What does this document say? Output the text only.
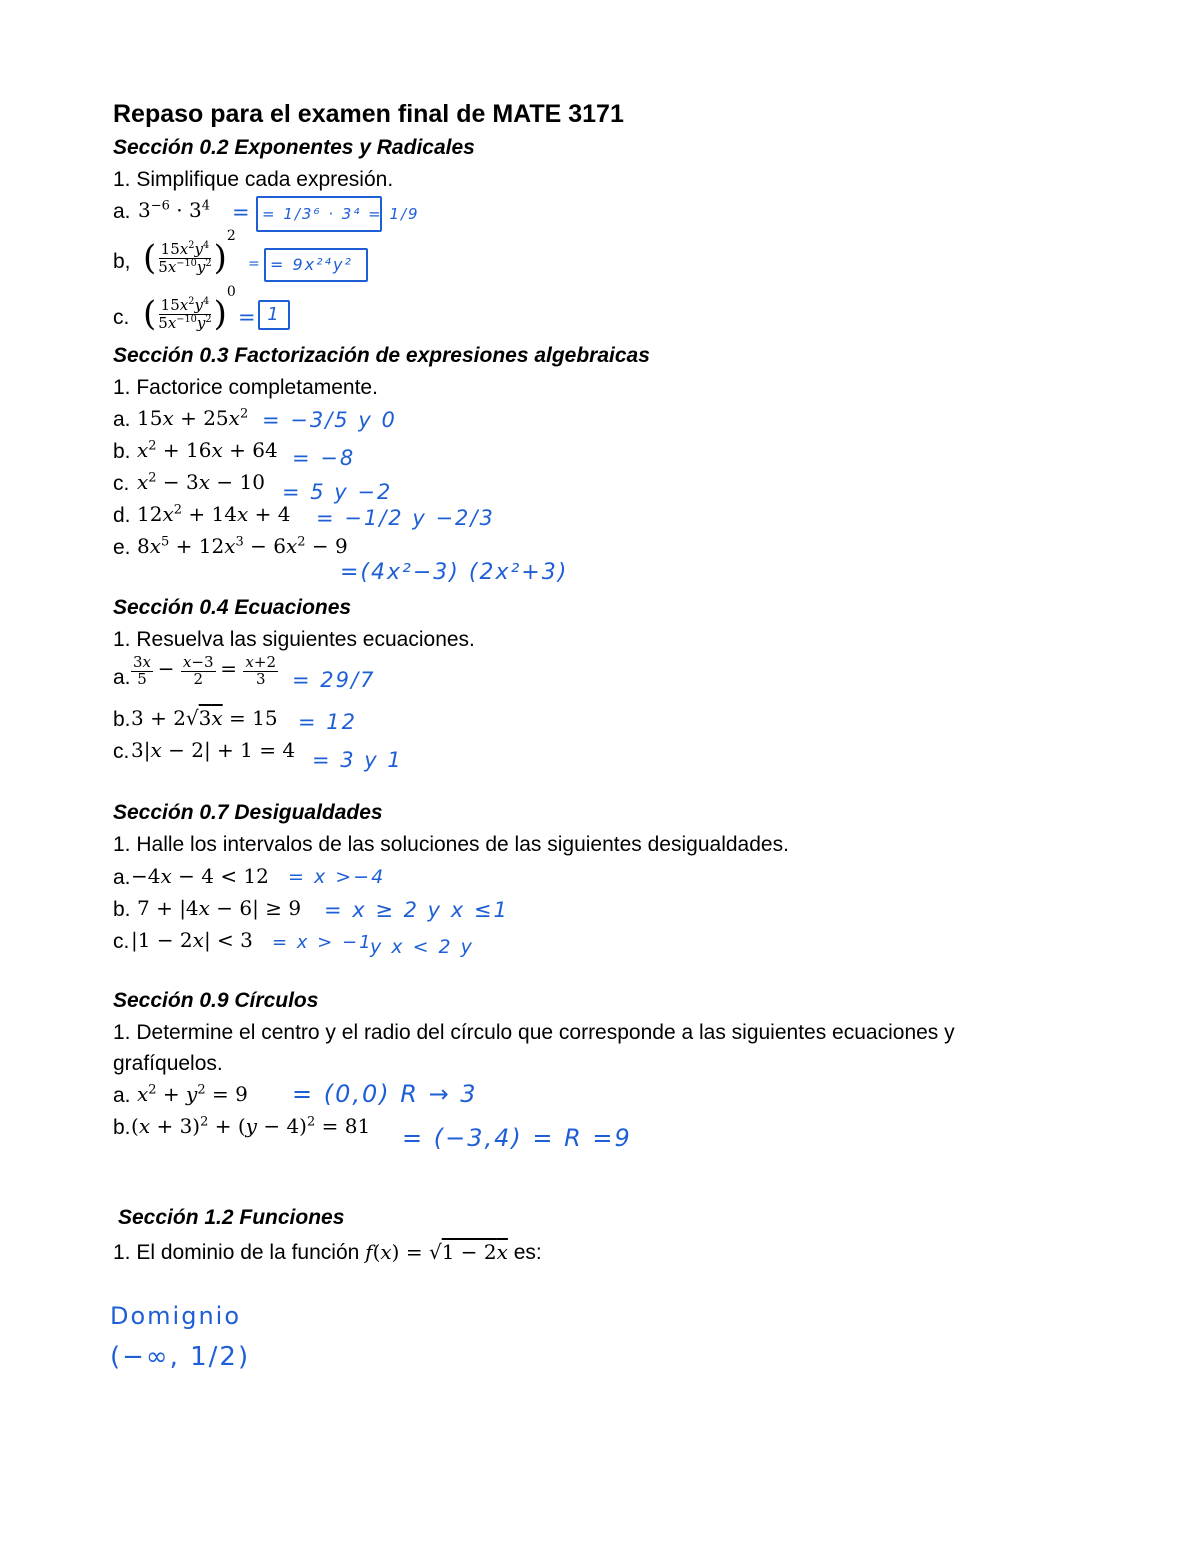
Repaso para el examen final de MATE 3171
Sección 0.2 Exponentes y Radicales
1. Simplifique cada expresión.
a. $3^{-6} \cdot 3^4$ = = 1/3⁶ · 3⁴ = 1/9
b, ( $\frac{15x^2y^4}{5x^{-10}y^2} )^2$
= = 9x²⁴y²
c. ( $\frac{15x^2y^4}{5x^{-10}y^2} )^0$
= 1
Sección 0.3 Factorización de expresiones algebraicas
1. Factorice completamente.
a. $15x + 25x^2 = -3/5$ y 0
b. $x^2 + 16x + 64 = -8$
c. $x^2 - 3x - 10 = 5$ y −2
d. $12x^2 + 14x + 4 = -1/2$ y −2/3
e. $8x^5 + 12x^3 - 6x^2 - 9$
=(4x²−3) (2x²+3)
Sección 0.4 Ecuaciones
1. Resuelva las siguientes ecuaciones.
a. $\frac{3x}{5} - \frac{x-3}{2} = \frac{x+2}{3} = 29/7$
b. 3 + 2√3x = 15 = 12
c. 3|x − 2| + 1 = 4 = 3 y 1
Sección 0.7 Desigualdades
1. Halle los intervalos de las soluciones de las siguientes desigualdades.
a. −4x − 4 < 12 = x >−4
b. 7 + |4x − 6| ≥ 9 = x ≥ 2 y x ≤1
c. |1 − 2x| < 3 = x > −1
y x < 2 y
Sección 0.9 Círculos
1. Determine el centro y el radio del círculo que corresponde a las siguientes ecuaciones y
grafíquelos.
a. $x^2 + y^2 = 9 = (0,0) R \to 3$
b. $(x + 3)^2 + (y - 4)^2 = 81 = (-3,4) = R =9$
Sección 1.2 Funciones
1. El dominio de la función f(x) = √1 − 2x es:
Domignio
(−∞, 1/2)
